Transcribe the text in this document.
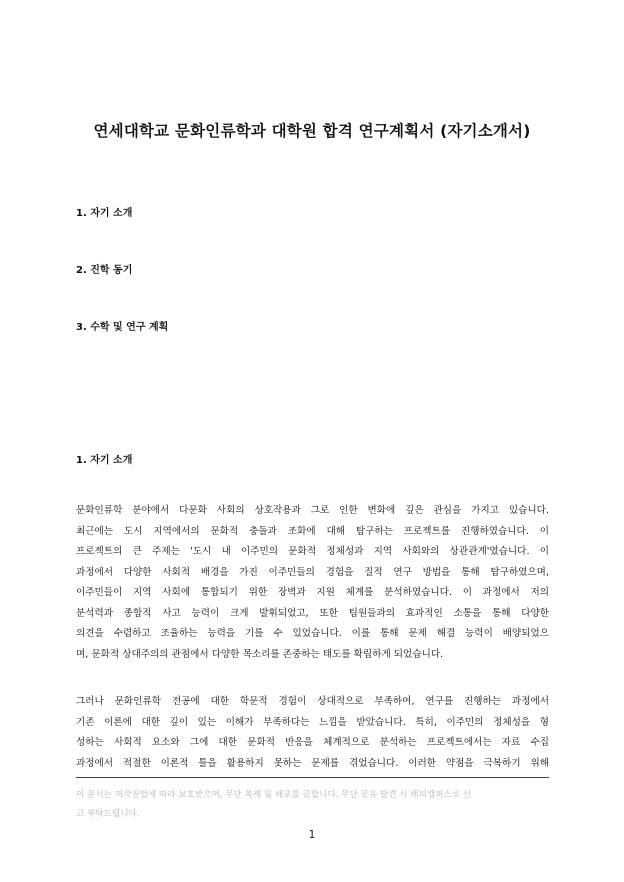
연세대학교 문화인류학과 대학원 합격 연구계획서 (자기소개서)
1. 자기 소개
2. 진학 동기
3. 수학 및 연구 계획
1. 자기 소개
문화인류학 분야에서 다문화 사회의 상호작용과 그로 인한 변화에 깊은 관심을 가지고 있습니다.
최근에는 도시 지역에서의 문화적 충돌과 조화에 대해 탐구하는 프로젝트를 진행하였습니다. 이
프로젝트의 큰 주제는 '도시 내 이주민의 문화적 정체성과 지역 사회와의 상관관계'였습니다. 이
과정에서 다양한 사회적 배경을 가진 이주민들의 경험을 질적 연구 방법을 통해 탐구하였으며,
이주민들이 지역 사회에 통합되기 위한 장벽과 지원 체계를 분석하였습니다. 이 과정에서 저의
분석력과 종합적 사고 능력이 크게 발휘되었고, 또한 팀원들과의 효과적인 소통을 통해 다양한
의견을 수렴하고 조율하는 능력을 기를 수 있었습니다. 이를 통해 문제 해결 능력이 배양되었으
며, 문화적 상대주의의 관점에서 다양한 목소리를 존중하는 태도를 확립하게 되었습니다.
그러나 문화인류학 전공에 대한 학문적 경험이 상대적으로 부족하여, 연구를 진행하는 과정에서
기존 이론에 대한 깊이 있는 이해가 부족하다는 느낌을 받았습니다. 특히, 이주민의 정체성을 형
성하는 사회적 요소와 그에 대한 문화적 반응을 체계적으로 분석하는 프로젝트에서는 자료 수집
과정에서 적절한 이론적 틀을 활용하지 못하는 문제를 겪었습니다. 이러한 약점을 극복하기 위해
이 문서는 저작권법에 따라 보호받으며, 무단 복제 및 배포를 금합니다. 무단 공유 발견 시 해피캠퍼스로 신
고 부탁드립니다.
1
